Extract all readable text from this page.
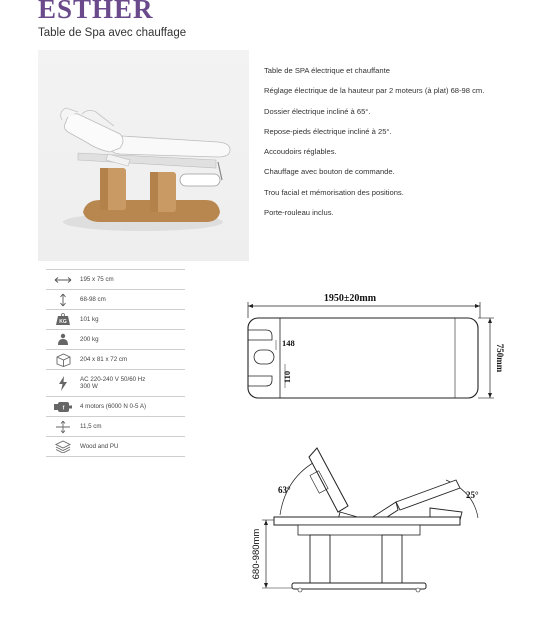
ESTHER
Table de Spa avec chauffage
Table de SPA électrique et chauffante
Réglage électrique de la hauteur par 2 moteurs (à plat) 68-98 cm.
Dossier électrique incliné à 65°.
Repose-pieds électrique incliné à 25°.
Accoudoirs réglables.
Chauffage avec bouton de commande.
Trou facial et mémorisation des positions.
Porte-rouleau inclus.
195 x 75 cm
68-98 cm
KG 101 kg
200 kg
204 x 81 x 72 cm
AC 220-240 V 50/60 Hz
300 W
f	4 motors (6000 N 0-5 A)
11,5 cm
Wood and PU
1950±20mm
148
110
750mm
63°	25°
680-980mm
